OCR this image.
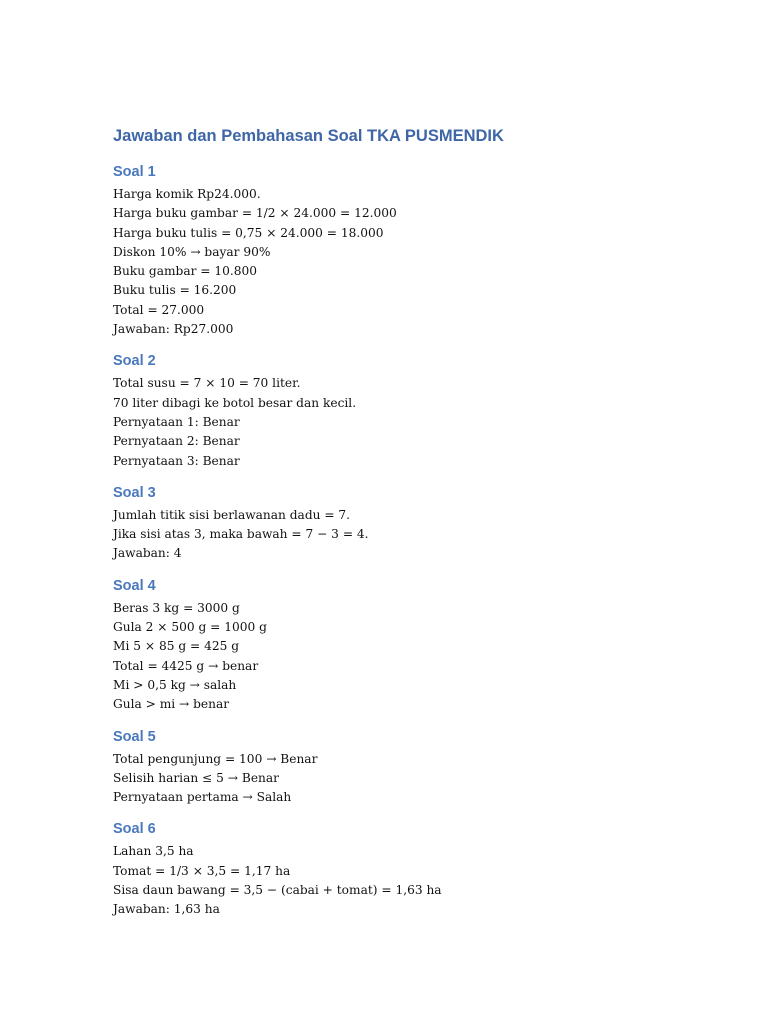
Jawaban dan Pembahasan Soal TKA PUSMENDIK
Soal 1

Harga komik Rp24.000.

Harga buku gambar = 1/2 × 24.000 = 12.000

Harga buku tulis = 0,75 × 24.000 = 18.000

Diskon 10% → bayar 90%

Buku gambar = 10.800

Buku tulis = 16.200

Total = 27.000

Jawaban: Rp27.000

Soal 2

Total susu = 7 × 10 = 70 liter.

70 liter dibagi ke botol besar dan kecil.

Pernyataan 1: Benar

Pernyataan 2: Benar

Pernyataan 3: Benar

Soal 3

Jumlah titik sisi berlawanan dadu = 7.

Jika sisi atas 3, maka bawah = 7 − 3 = 4.

Jawaban: 4

Soal 4

Beras 3 kg = 3000 g

Gula 2 × 500 g = 1000 g

Mi 5 × 85 g = 425 g

Total = 4425 g → benar

Mi > 0,5 kg → salah

Gula > mi → benar

Soal 5

Total pengunjung = 100 → Benar

Selisih harian ≤ 5 → Benar

Pernyataan pertama → Salah

Soal 6

Lahan 3,5 ha

Tomat = 1/3 × 3,5 = 1,17 ha

Sisa daun bawang = 3,5 − (cabai + tomat) = 1,63 ha

Jawaban: 1,63 ha
